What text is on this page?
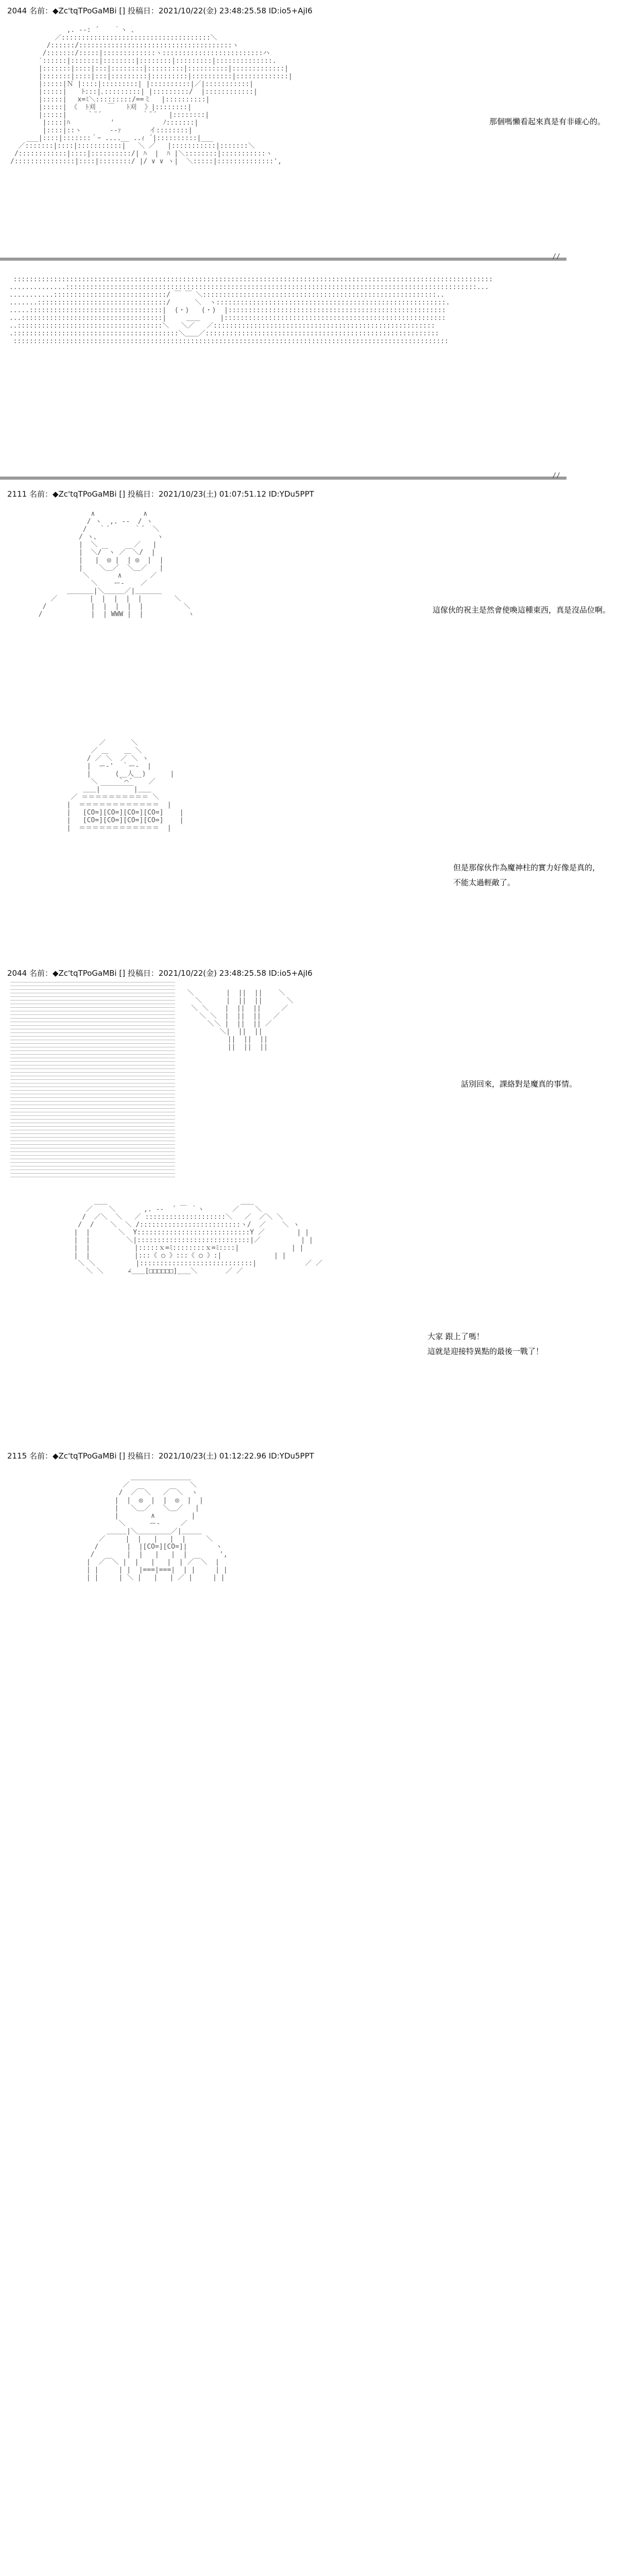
2044 名前：◆Zc'tqTPoGaMBi [] 投稿日：2021/10/22(金) 23:48:25.58 ID:io5+AjI6

,. -‐: ´ ￣ ｀ヽ 、
／:::::::::::::::::::::::::::::::::::::＼
/::::::/::::::::::::::::::::::::::::::::::::::ヽ
/:::::::/:::::|:::::::::::::ヽ:::::::::::::::::::::::::ハ
′::::::|:::::::|::::::::|::::::::|:::::::::|::::::::::::::.
|:::::::|::::|:::|::::::::|:::::::::|::::::::::|:::::::::::::|
|:::::::|::::|:::|:::::::::|:::::::::|::::::::::|:::::::::::::|
|:::::|Ｎ |::::|:::::::::| |::::::::::|／|:::::::::::|
|:::::| 　 ﾄ:::|､:::::::::| |:::::::::/  |::::::::::::|
|:::::|　 x=ﾐ＼:::::::::/==ミ 　|::::::::::|
|:::::| 《  ﾄ刈   ￣   ﾄ刈  》|::::::::|
|:::::|     ｀¨´          ｀¨´   |::::::::|
|::::|ﾊ          '            ﾉ:::::::|
|::::|::ヽ       -‐ｧ       イ::::::::|
___|::::|:::::::｀ｰ ....__ ..ｨ ´|::::::::::|___
／:::::::|::::|:::::::::::|   ＼ ／   |:::::::::::|:::::::＼
/::::::::::::|::::|::::::::::/| ﾊ  |  ﾊ |＼::::::::|:::::::::::ヽ
/:::::::::::::::|::::|::::::::/ |/ ∨ ∨ ヽ|  ＼:::::|::::::::::::::',

那個嗎懶看起來真是有非確心的。
//

:::::::::::::::::::::::::::::::::::::::::::::::::::::::::::::::::::::::::::::::::::::::::::::::::::::::::::::::::::::::
..............::::::::::::::::::::::::::::::::::::::::::::::::::::::::::::::::::::::::::::::::::::::::::::::::::::::...
...........::::::::::::::::::::::::::::/ ￣ ￣ ＼::::::::::::::::::::::::::::::::::::::::::::::::::::::::::..
.......::::::::::::::::::::::::::::::::/      ＼  ヽ:::::::::::::::::::::::::::::::::::::::::::::::::::::::::.
.....:::::::::::::::::::::::::::::::::|  (・)   (・)  |::::::::::::::::::::::::::::::::::::::::::::::::::::::
...:::::::::::::::::::::::::::::::::::|     ＿＿     |:::::::::::::::::::::::::::::::::::::::::::::::::::::::
..::::::::::::::::::::::::::::::::::::＼   ＼／   ／:::::::::::::::::::::::::::::::::::::::::::::::::::::::
.:::::::::::::::::::::::::::::::::::::::::＼＿＿／::::::::::::::::::::::::::::::::::::::::::::::::::::::::::
::::::::::::::::::::::::::::::::::::::::::::::::::::::::::::::::::::::::::::::::::::::::::::::::::::::::::::

//
2111 名前：◆Zc'tqTPoGaMBi [] 投稿日：2021/10/23(土) 01:07:51.12 ID:YDu5PPT

∧            ∧
/ ヽ  ,. ‐-  / ヽ
/   ｀´      ｀´  ＼
/ ヽ、              ヽ
|  ＼         ／   |
|  ＼/￣ヽ ／￣＼/  |
|   |  ◎ |  | ◎  |  |
|    ＼＿／  ＼＿／   |
＼       ∧       ／
＼    ー‐    ／
＿＿＿＿|＼＿＿＿／|＿＿＿＿
／        |  |  |  |  |        ＼
/           |  |  |  |  |          ＼
/            |  | WWW |  |           ヽ
	這傢伙的祝主是然會使喚這種東西，真是沒品位啊。

／ ￣ ￣ ＼
／ ＿    ＿ ＼
/ ／ ＼  ／ ＼ ヽ
|  ー‐'  ｀ー‐  |
|      (__人__)      |
＼     ｀⌒´    ／
＿＿|￣￣￣￣￣|＿＿
／ ＝＝＝＝＝＝＝＝＝＝ ＼
|  ＝＝＝＝＝＝＝＝＝＝＝＝  |
|   [CO=][CO=][CO=][CO=]    |
|   [CO=][CO=][CO=][CO=]    |
|  ＝＝＝＝＝＝＝＝＝＝＝＝  |

但是那傢伙作為魔神柱的實力好像是真的，
不能太過輕敵了。
2044 名前：◆Zc'tqTPoGaMBi [] 投稿日：2021/10/22(金) 23:48:25.58 ID:io5+AjI6

＼        |  ||  ||    ＼
＼      |  ||  ||      ＼
＼ ＼    |  ||  ||     ／
＼ ＼  |  ||  ||   ／
＼＼ |  ||  || ／
＼|  ||  ||
||  ||  ||
||  ||  ||

話別回來，課絡對是魔真的事情。

＿＿                                 ＿＿
／    ＼       ,. -‐  ´ ￣ ｀ヽ       ／    ＼
/  ／＼  ＼   ／ ::::::::::::::::::::＼   ／  ／＼ ＼
/  /    ＼  ＼ /:::::::::::::::::::::::::ヽ/  ／    ＼ ヽ
|  |       ＼  Y::::::::::::::::::::::::::::Y ／        | |
|  |         ＼|::::::::::::::::::::::::::::|／          | |
|  |           |:::::ｘ=ﾐ::::::::ｘ=ﾐ::::|             | |
|  |           |:::《 ○ 》:::《 ○ 》:|             | |
＼ ＼          |::::::::::::::::::::::::::::|            ／ ／
＼ ＼      ∠＿＿[□□□□□□]＿＿＼       ／ ／

大家 跟上了嗎！
這就是迎接特異點的最後一戰了！
2115 名前：◆Zc'tqTPoGaMBi [] 投稿日：2021/10/23(土) 01:12:22.96 ID:YDu5PPT

＿＿＿＿＿＿＿＿＿
／               ＼
/  ／￣＼   ／￣＼  ヽ
|  |  ◎  |  |  ◎  |  |
|   ＼＿／   ＼＿／   |
|        ∧         |
＼      ー‐     ／
＿＿＿|＼＿＿＿＿＿／|＿＿＿
／     |  |   |   |  |     ＼
/       |  |[CO=][CO=]|       ヽ
/        |  |   |   |  |        ',
|  ／￣＼ |  |   |   |  | ／￣＼  |
| |     | |  |===|===|  | |     | |
| |     | ＼ |   |   | ／ |     | |
